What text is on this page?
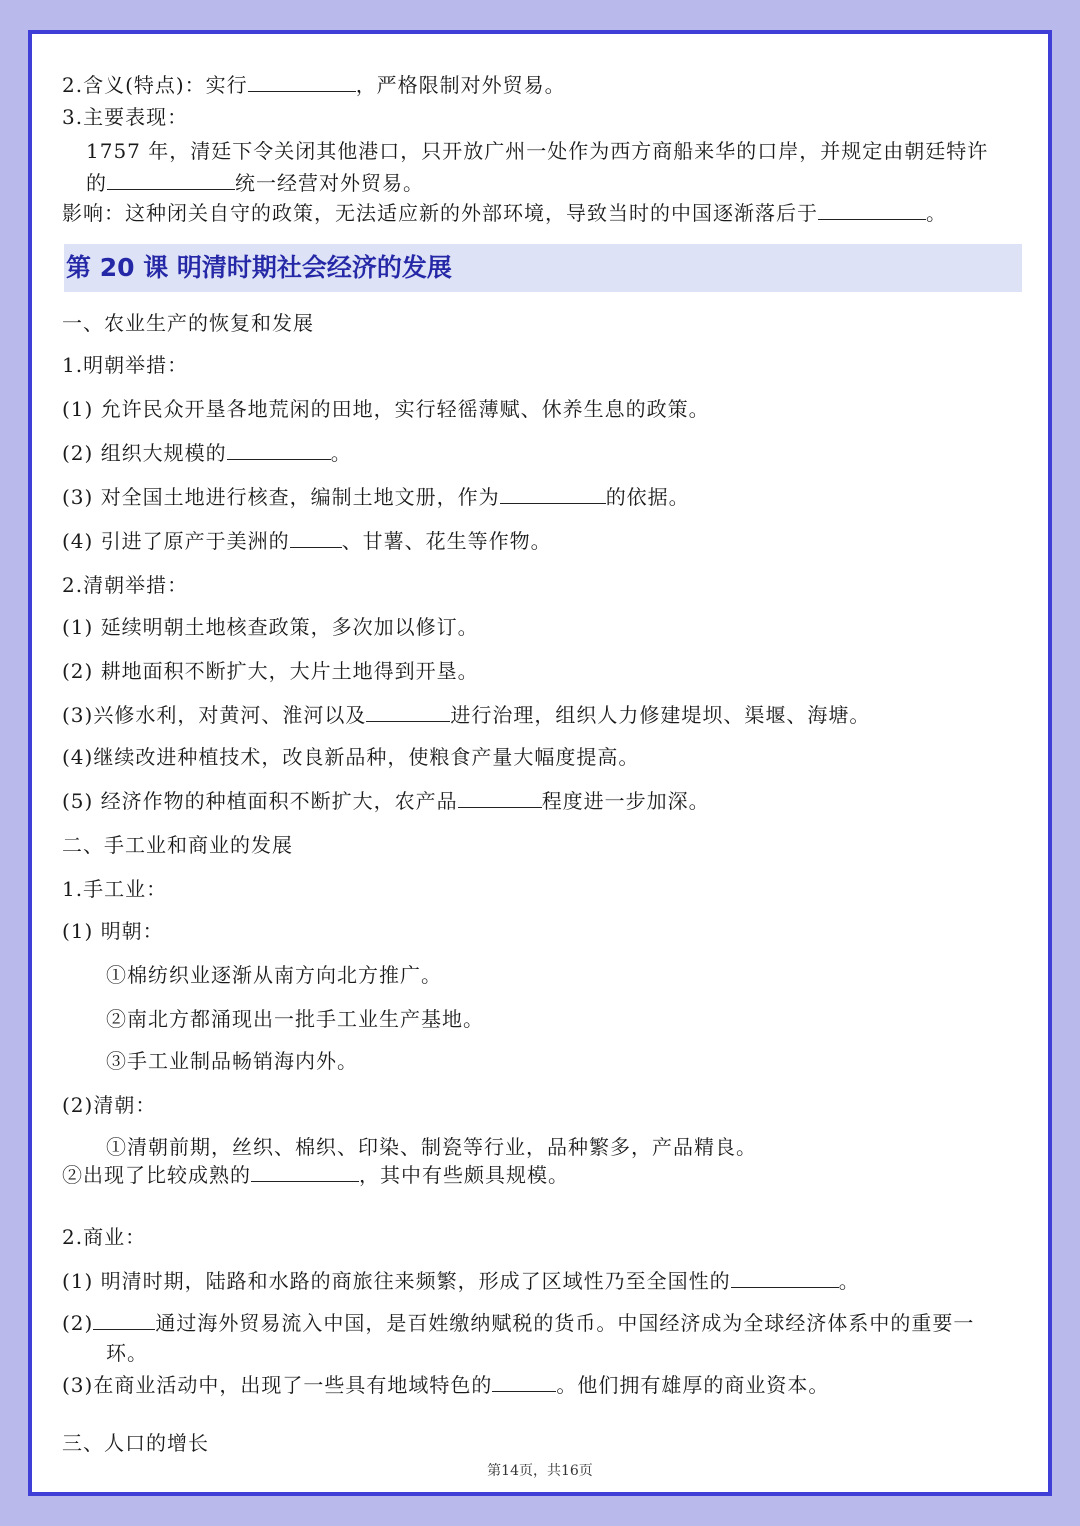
2.含义(特点)：实行	，严格限制对外贸易。
3.主要表现：
1757 年，清廷下令关闭其他港口，只开放广州一处作为西方商船来华的口岸，并规定由朝廷特许
的	统一经营对外贸易。
影响：这种闭关自守的政策，无法适应新的外部环境，导致当时的中国逐渐落后于	。
第 20 课 明清时期社会经济的发展
一、农业生产的恢复和发展
1.明朝举措：
(1) 允许民众开垦各地荒闲的田地，实行轻徭薄赋、休养生息的政策。
(2) 组织大规模的	。
(3) 对全国土地进行核查，编制土地文册，作为	的依据。
(4) 引进了原产于美洲的	、甘薯、花生等作物。
2.清朝举措：
(1) 延续明朝土地核查政策，多次加以修订。
(2) 耕地面积不断扩大，大片土地得到开垦。
(3)兴修水利，对黄河、淮河以及	进行治理，组织人力修建堤坝、渠堰、海塘。
(4)继续改进种植技术，改良新品种，使粮食产量大幅度提高。
(5) 经济作物的种植面积不断扩大，农产品	程度进一步加深。
二、手工业和商业的发展
1.手工业：
(1) 明朝：
①棉纺织业逐渐从南方向北方推广。
②南北方都涌现出一批手工业生产基地。
③手工业制品畅销海内外。
(2)清朝：
①清朝前期，丝织、棉织、印染、制瓷等行业，品种繁多，产品精良。
②出现了比较成熟的	，其中有些颇具规模。
2.商业：
(1) 明清时期，陆路和水路的商旅往来频繁，形成了区域性乃至全国性的	。
(2)	通过海外贸易流入中国，是百姓缴纳赋税的货币。中国经济成为全球经济体系中的重要一
环。
(3)在商业活动中，出现了一些具有地域特色的	。他们拥有雄厚的商业资本。
三、人口的增长
第14页，共16页
